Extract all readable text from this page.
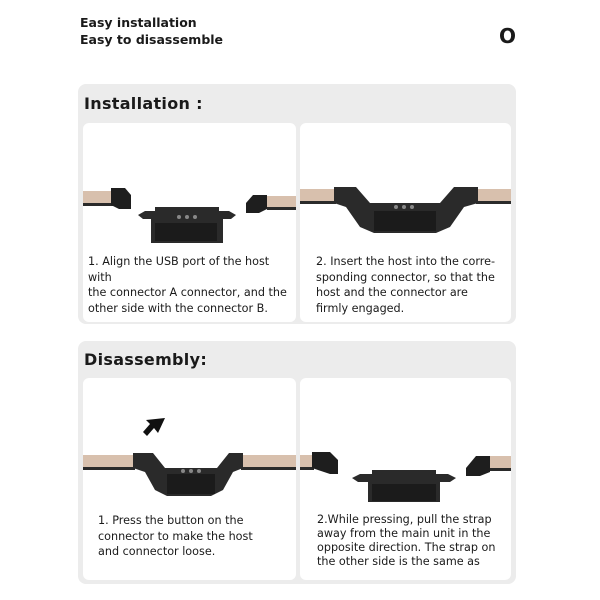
Easy installation
Easy to disassemble	O
Installation :
1. Align the USB port of the host with
the connector A connector, and the
other side with the connector B.
2. Insert the host into the corre-
sponding connector, so that the
host and the connector are
firmly engaged.
Disassembly:
1. Press the button on the
connector to make the host
and connector loose.
2.While pressing, pull the strap
away from the main unit in the
opposite direction. The strap on
the other side is the same as
